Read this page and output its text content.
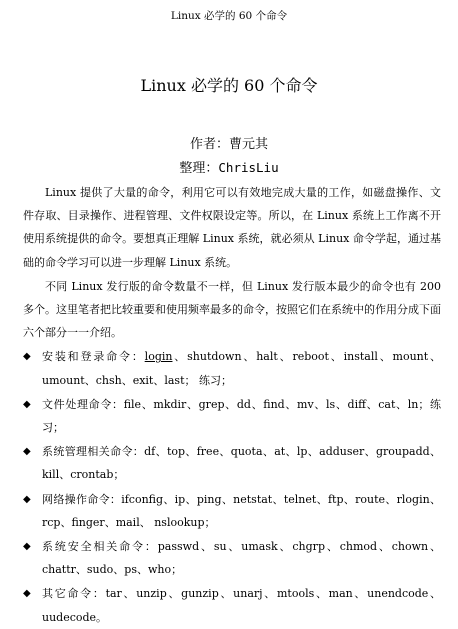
Linux 必学的 60 个命令
Linux 必学的 60 个命令
作者：曹元其
整理：ChrisLiu

Linux 提供了大量的命令，利用它可以有效地完成大量的工作，如磁盘操作、文件存取、目录操作、进程管理、文件权限设定等。所以，在 Linux 系统上工作离不开使用系统提供的命令。要想真正理解 Linux 系统，就必须从 Linux 命令学起，通过基础的命令学习可以进一步理解 Linux 系统。

不同 Linux 发行版的命令数量不一样，但 Linux 发行版本最少的命令也有 200 多个。这里笔者把比较重要和使用频率最多的命令，按照它们在系统中的作用分成下面六个部分一一介绍。

◆ 安装和登录命令：login、shutdown、halt、reboot、install、mount、umount、chsh、exit、last； 练习；

◆ 文件处理命令：file、mkdir、grep、dd、find、mv、ls、diff、cat、ln；练习；

◆ 系统管理相关命令：df、top、free、quota、at、lp、adduser、groupadd、kill、crontab；

◆ 网络操作命令：ifconfig、ip、ping、netstat、telnet、ftp、route、rlogin、rcp、finger、mail、 nslookup；

◆ 系统安全相关命令：passwd、su、umask、chgrp、chmod、chown、chattr、sudo、ps、who；

◆ 其它命令：tar、unzip、gunzip、unarj、mtools、man、unendcode、uudecode。
